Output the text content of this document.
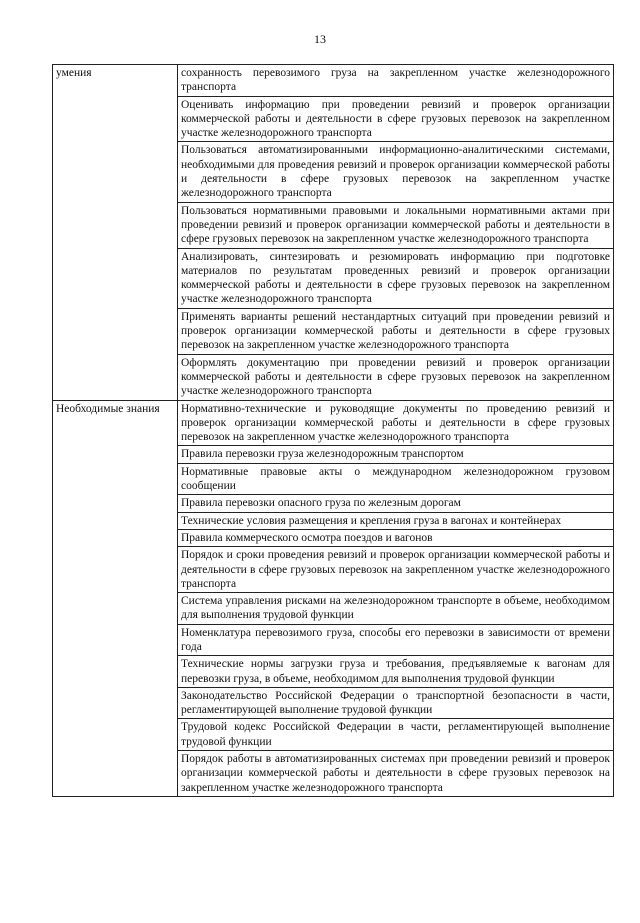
13
умения	сохранность перевозимого груза на закрепленном участке железнодорожного транспорта
	Оценивать информацию при проведении ревизий и проверок организации коммерческой работы и деятельности в сфере грузовых перевозок на закрепленном участке железнодорожного транспорта
	Пользоваться автоматизированными информационно-аналитическими системами, необходимыми для проведения ревизий и проверок организации коммерческой работы и деятельности в сфере грузовых перевозок на закрепленном участке железнодорожного транспорта
	Пользоваться нормативными правовыми и локальными нормативными актами при проведении ревизий и проверок организации коммерческой работы и деятельности в сфере грузовых перевозок на закрепленном участке железнодорожного транспорта
	Анализировать, синтезировать и резюмировать информацию при подготовке материалов по результатам проведенных ревизий и проверок организации коммерческой работы и деятельности в сфере грузовых перевозок на закрепленном участке железнодорожного транспорта
	Применять варианты решений нестандартных ситуаций при проведении ревизий и проверок организации коммерческой работы и деятельности в сфере грузовых перевозок на закрепленном участке железнодорожного транспорта
	Оформлять документацию при проведении ревизий и проверок организации коммерческой работы и деятельности в сфере грузовых перевозок на закрепленном участке железнодорожного транспорта
Необходимые знания	Нормативно-технические и руководящие документы по проведению ревизий и проверок организации коммерческой работы и деятельности в сфере грузовых перевозок на закрепленном участке железнодорожного транспорта
	Правила перевозки груза железнодорожным транспортом
	Нормативные правовые акты о международном железнодорожном грузовом сообщении
	Правила перевозки опасного груза по железным дорогам
	Технические условия размещения и крепления груза в вагонах и контейнерах
	Правила коммерческого осмотра поездов и вагонов
	Порядок и сроки проведения ревизий и проверок организации коммерческой работы и деятельности в сфере грузовых перевозок на закрепленном участке железнодорожного транспорта
	Система управления рисками на железнодорожном транспорте в объеме, необходимом для выполнения трудовой функции
	Номенклатура перевозимого груза, способы его перевозки в зависимости от времени года
	Технические нормы загрузки груза и требования, предъявляемые к вагонам для перевозки груза, в объеме, необходимом для выполнения трудовой функции
	Законодательство Российской Федерации о транспортной безопасности в части, регламентирующей выполнение трудовой функции
	Трудовой кодекс Российской Федерации в части, регламентирующей выполнение трудовой функции
	Порядок работы в автоматизированных системах при проведении ревизий и проверок организации коммерческой работы и деятельности в сфере грузовых перевозок на закрепленном участке железнодорожного транспорта
